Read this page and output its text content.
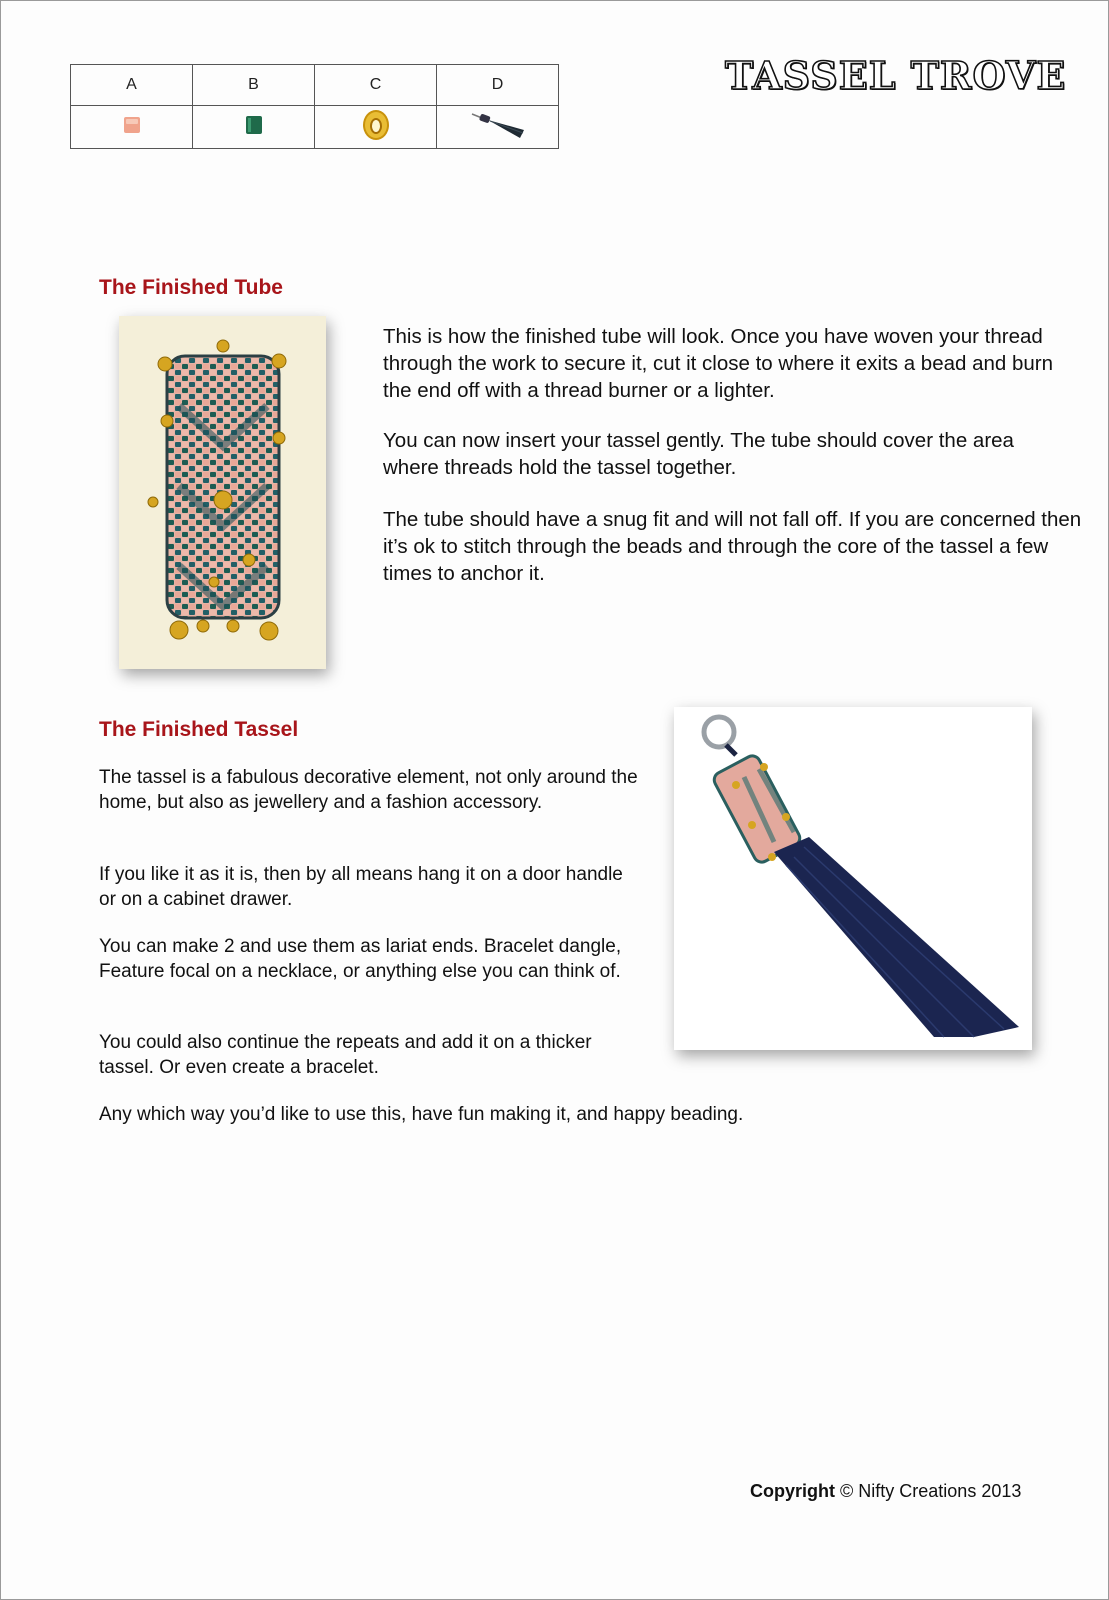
A	B	C	D
				TASSEL TROVE
The Finished Tube

This is how the finished tube will look. Once you have woven your thread through the work to secure it, cut it close to where it exits a bead and burn the end off with a thread burner or a lighter.

You can now insert your tassel gently. The tube should cover the area where threads hold the tassel together.

The tube should have a snug fit and will not fall off. If you are concerned then it’s ok to stitch through the beads and through the core of the tassel a few times to anchor it.

The Finished Tassel

The tassel is a fabulous decorative element, not only around the home, but also as jewellery and a fashion accessory.

If you like it as it is, then by all means hang it on a door handle or on a cabinet drawer.

You can make 2 and use them as lariat ends. Bracelet dangle, Feature focal on a necklace, or anything else you can think of.

You could also continue the repeats and add it on a thicker tassel. Or even create a bracelet.

Any which way you’d like to use this, have fun making it, and happy beading.

Copyright © Nifty Creations 2013
